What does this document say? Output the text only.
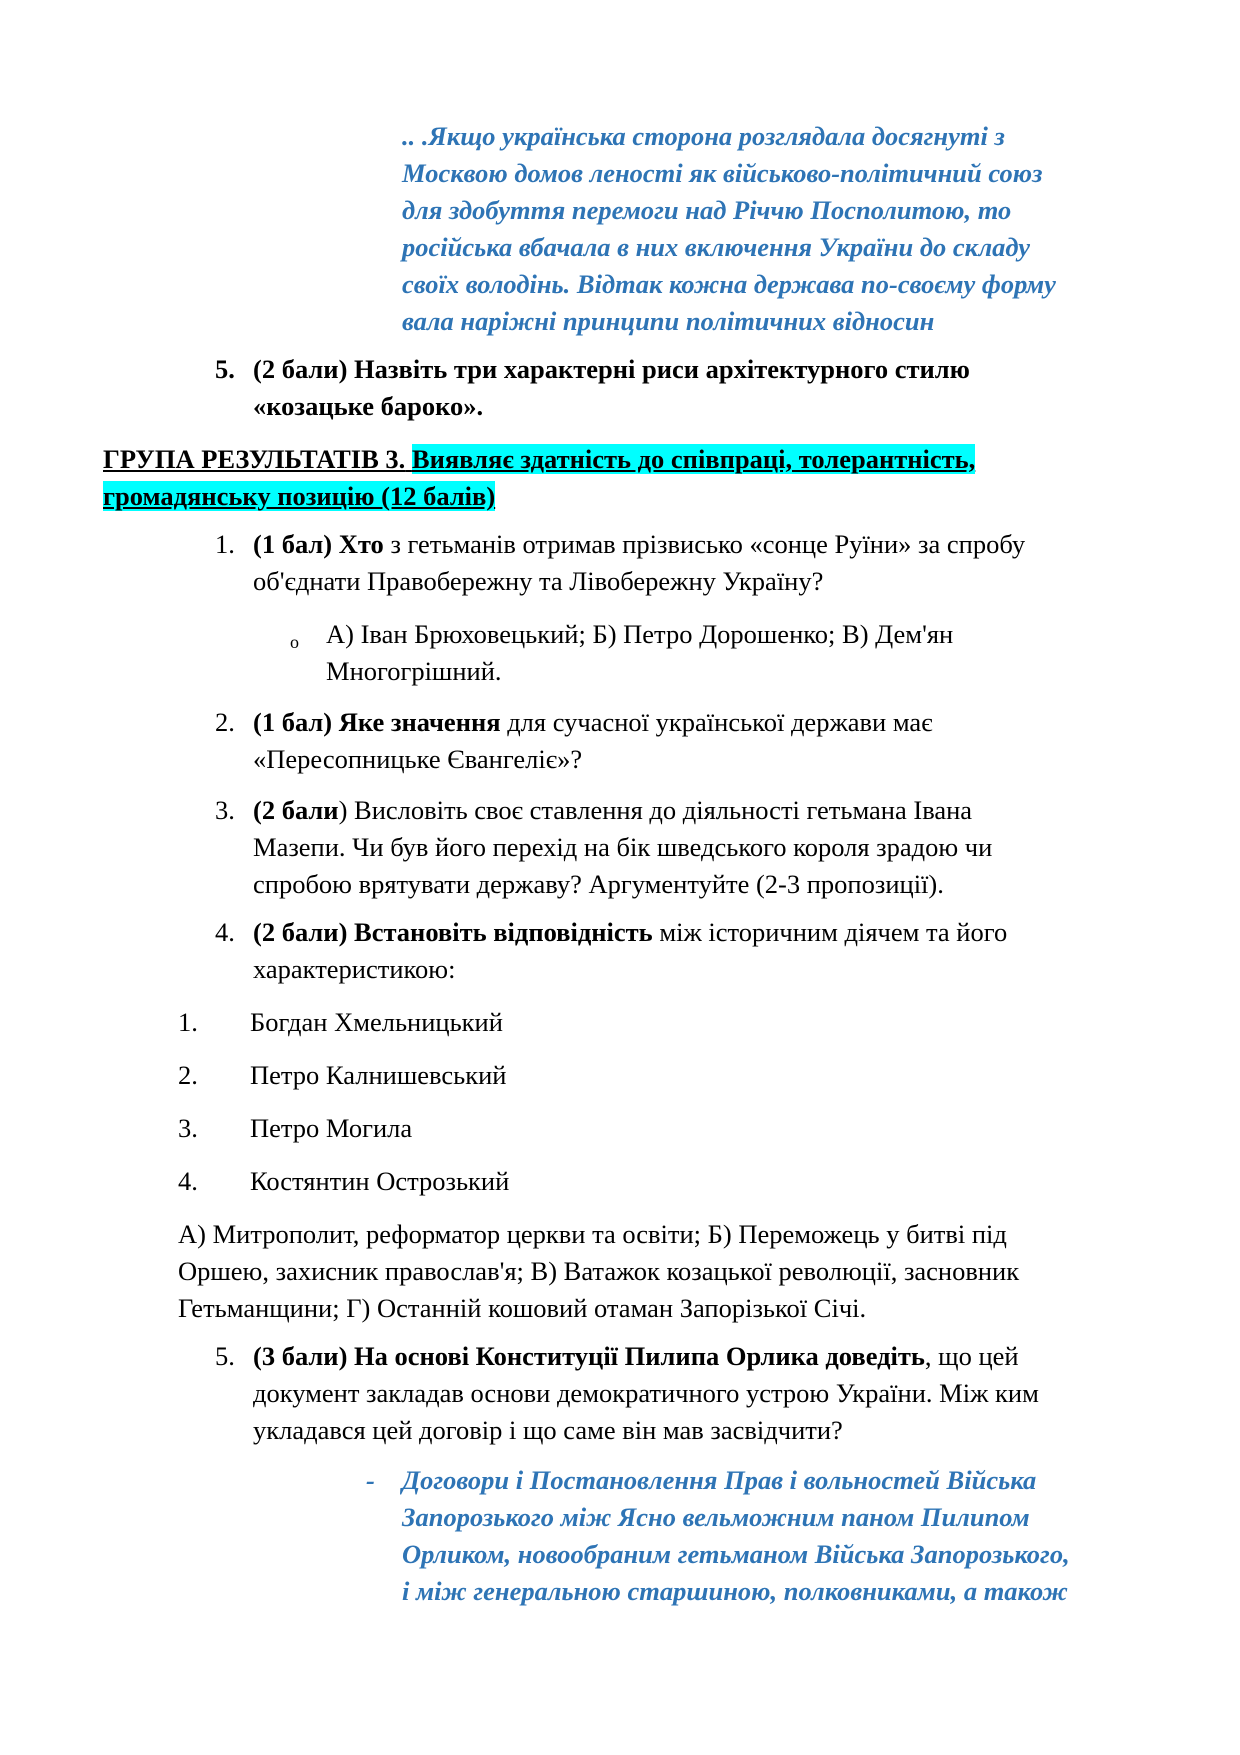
.. .Якщо українська сторона розглядала досягнуті з
Москвою домов леності як військово-політичний союз
для здобуття перемоги над Річчю Посполитою, то
російська вбачала в них включення України до складу
своїх володінь. Відтак кожна держава по-своєму форму
вала наріжні принципи політичних відносин
5. (2 бали) Назвіть три характерні риси архітектурного стилю
«козацьке бароко».
ГРУПА РЕЗУЛЬТАТІВ 3. Виявляє здатність до співпраці, толерантність,
громадянську позицію (12 балів)
1. (1 бал) Хто з гетьманів отримав прізвисько «сонце Руїни» за спробу
об'єднати Правобережну та Лівобережну Україну?
o А) Іван Брюховецький; Б) Петро Дорошенко; В) Дем'ян
Многогрішний.
2. (1 бал) Яке значення для сучасної української держави має
«Пересопницьке Євангеліє»?
3. (2 бали) Висловіть своє ставлення до діяльності гетьмана Івана
Мазепи. Чи був його перехід на бік шведського короля зрадою чи
спробою врятувати державу? Аргументуйте (2-3 пропозиції).
4. (2 бали) Встановіть відповідність між історичним діячем та його
характеристикою:
1. Богдан Хмельницький
2. Петро Калнишевський
3. Петро Могила
4. Костянтин Острозький
А) Митрополит, реформатор церкви та освіти; Б) Переможець у битві під
Оршею, захисник православ'я; В) Ватажок козацької революції, засновник
Гетьманщини; Г) Останній кошовий отаман Запорізької Січі.
5. (3 бали) На основі Конституції Пилипа Орлика доведіть, що цей
документ закладав основи демократичного устрою України. Між ким
укладався цей договір і що саме він мав засвідчити?
- Договори і Постановлення Прав і вольностей Війська
Запорозького між Ясно вельможним паном Пилипом
Орликом, новообраним гетьманом Війська Запорозького,
і між генеральною старшиною, полковниками, а також
